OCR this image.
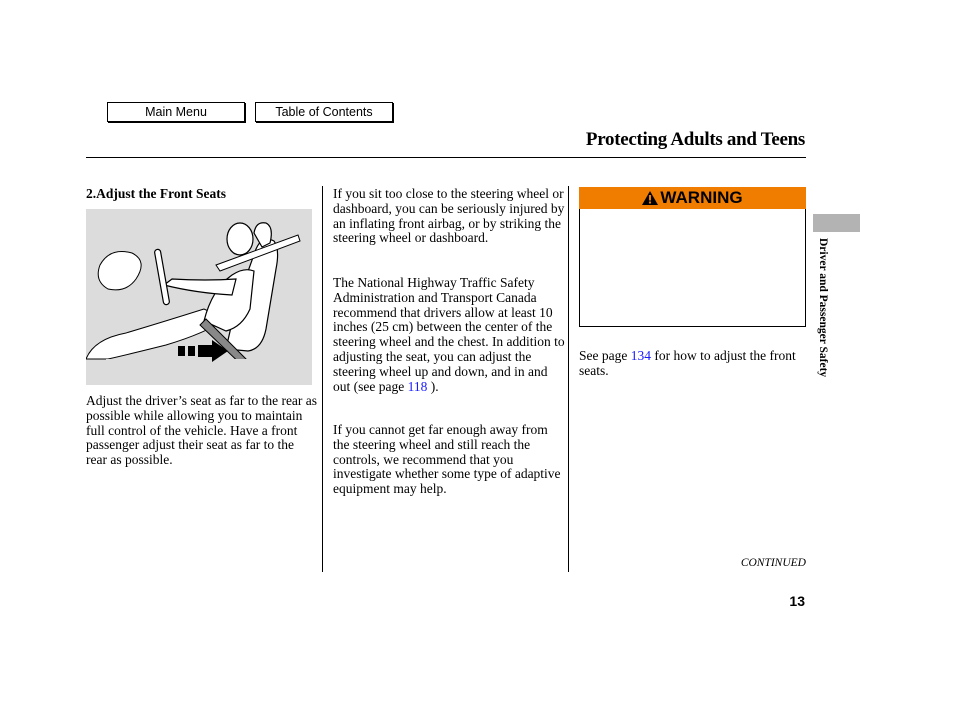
Main Menu	Table of Contents
Protecting Adults and Teens
2.Adjust the Front Seats
Adjust the driver’s seat as far to the rear as possible while allowing you to maintain full control of the vehicle. Have a front passenger adjust their seat as far to the rear as possible.
If you sit too close to the steering wheel or dashboard, you can be seriously injured by an inflating front airbag, or by striking the steering wheel or dashboard.
The National Highway Traffic Safety Administration and Transport Canada recommend that drivers allow at least 10 inches (25 cm) between the center of the steering wheel and the chest. In addition to adjusting the seat, you can adjust the steering wheel up and down, and in and out (see page 118 ).
If you cannot get far enough away from the steering wheel and still reach the controls, we recommend that you investigate whether some type of adaptive equipment may help.
WARNING
See page 134 for how to adjust the front seats.	Driver and Passenger Safety
CONTINUED
13
